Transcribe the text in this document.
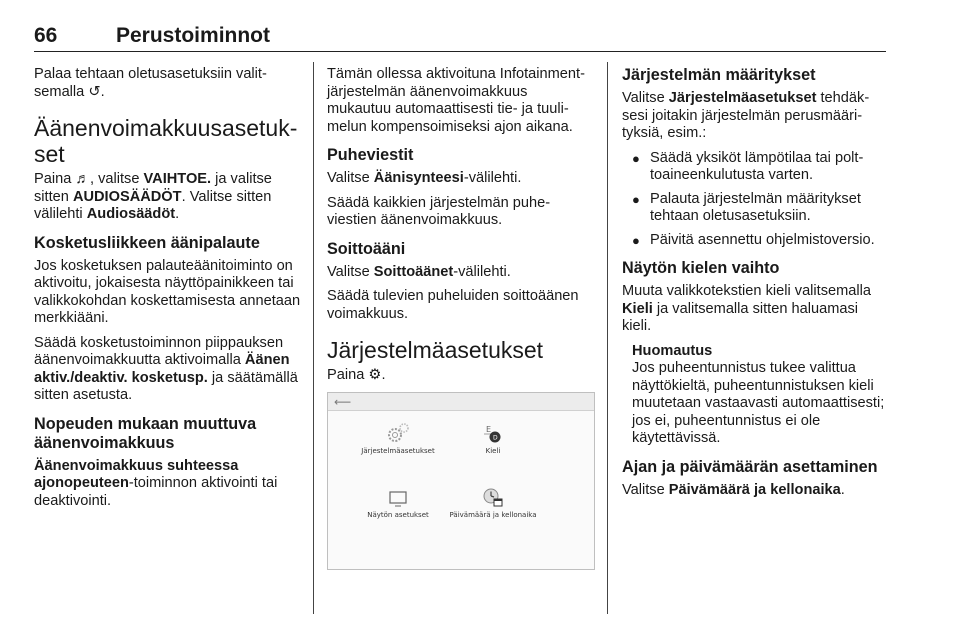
66	Perustoiminnot

Palaa tehtaan oletusasetuksiin valitsemalla ↺.

Äänenvoimakkuusasetukset

Paina ♬, valitse VAIHTOE. ja valitse sitten AUDIOSÄÄDÖT. Valitse sitten välilehti Audiosäädöt.

Kosketusliikkeen äänipalaute

Jos kosketuksen palauteäänitoiminto on aktivoitu, jokaisesta näyttöpainikkeen tai valikkokohdan koskettamisesta annetaan merkkiääni.

Säädä kosketustoiminnon piippauksen äänenvoimakkuutta aktivoimalla Äänen aktiv./deaktiv. kosketusp. ja säätämällä sitten asetusta.

Nopeuden mukaan muuttuva äänenvoimakkuus

Äänenvoimakkuus suhteessa ajonopeuteen-toiminnon aktivointi tai deaktivointi.

Tämän ollessa aktivoituna Infotainment-järjestelmän äänenvoimakkuus mukautuu automaattisesti tie- ja tuulimelun kompensoimiseksi ajon aikana.

Puheviestit

Valitse Äänisynteesi-välilehti.

Säädä kaikkien järjestelmän puheviestien äänenvoimakkuus.

Soittoääni

Valitse Soittoäänet-välilehti.

Säädä tulevien puheluiden soittoäänen voimakkuus.

Järjestelmäasetukset

Paina ⚙.

⟵
Järjestelmäasetukset
E
D
Kieli
Näytön asetukset	Päivämäärä ja kellonaika
Järjestelmän määritykset

Valitse Järjestelmäasetukset tehdäksesi joitakin järjestelmän perusmäärityksiä, esim.:

● Säädä yksiköt lämpötilaa tai polttoaineenkulutusta varten.
● Palauta järjestelmän määritykset tehtaan oletusasetuksiin.
● Päivitä asennettu ohjelmistoversio.
Näytön kielen vaihto

Muuta valikkotekstien kieli valitsemalla Kieli ja valitsemalla sitten haluamasi kieli.

Huomautus

Jos puheentunnistus tukee valittua näyttökieltä, puheentunnistuksen kieli muutetaan vastaavasti automaattisesti; jos ei, puheentunnistus ei ole käytettävissä.

Ajan ja päivämäärän asettaminen

Valitse Päivämäärä ja kellonaika.
